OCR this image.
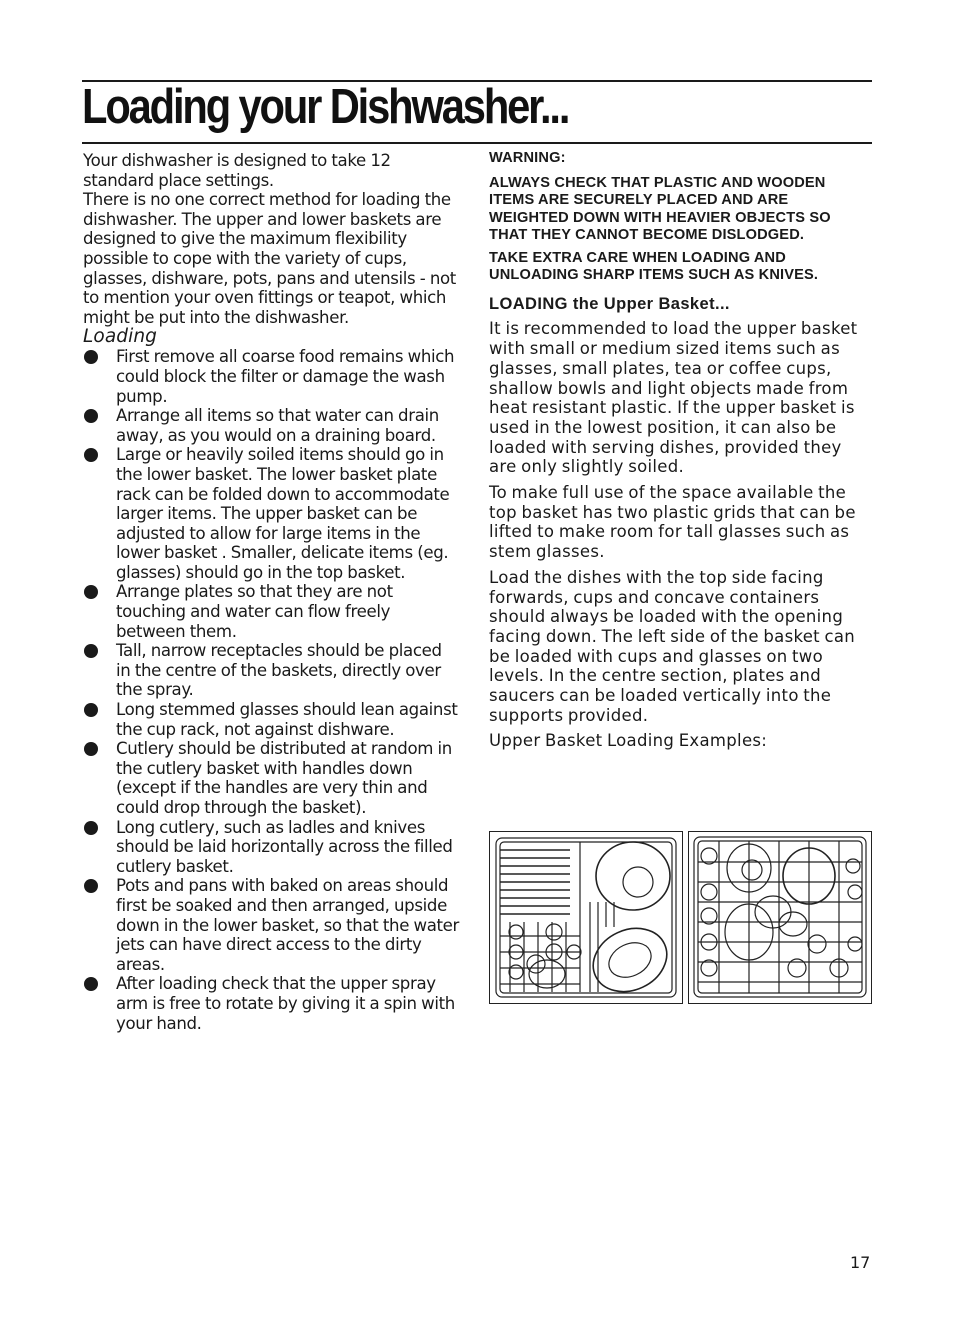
Loading your Dishwasher...

Your dishwasher is designed to take 12 standard place settings.

There is no one correct method for loading the dishwasher. The upper and lower baskets are designed to give the maximum flexibility possible to cope with the variety of cups, glasses, dishware, pots, pans and utensils - not to mention your oven fittings or teapot, which might be put into the dishwasher.

Loading

First remove all coarse food remains which could block the filter or damage the wash pump.
Arrange all items so that water can drain away, as you would on a draining board.
Large or heavily soiled items should go in the lower basket. The lower basket plate rack can be folded down to accommodate larger items. The upper basket can be adjusted to allow for large items in the lower basket . Smaller, delicate items (eg. glasses) should go in the top basket.
Arrange plates so that they are not touching and water can flow freely between them.
Tall, narrow receptacles should be placed in the centre of the baskets, directly over the spray.
Long stemmed glasses should lean against the cup rack, not against dishware.
Cutlery should be distributed at random in the cutlery basket with handles down (except if the handles are very thin and could drop through the basket).
Long cutlery, such as ladles and knives should be laid horizontally across the filled cutlery basket.
Pots and pans with baked on areas should first be soaked and then arranged, upside down in the lower basket, so that the water jets can have direct access to the dirty areas.
After loading check that the upper spray arm is free to rotate by giving it a spin with your hand.

WARNING:

ALWAYS CHECK THAT PLASTIC AND WOODEN ITEMS ARE SECURELY PLACED AND ARE WEIGHTED DOWN WITH HEAVIER OBJECTS SO THAT THEY CANNOT BECOME DISLODGED.

TAKE EXTRA CARE WHEN LOADING AND UNLOADING SHARP ITEMS SUCH AS KNIVES.

LOADING the Upper Basket...

It is recommended to load the upper basket with small or medium sized items such as glasses, small plates, tea or coffee cups, shallow bowls and light objects made from heat resistant plastic. If the upper basket is used in the lowest position, it can also be loaded with serving dishes, provided they are only slightly soiled.

To make full use of the space available the top basket has two plastic grids that can be lifted to make room for tall glasses such as stem glasses.

Load the dishes with the top side facing forwards, cups and concave containers should always be loaded with the opening facing down. The left side of the basket can be loaded with cups and glasses on two levels. In the centre section, plates and saucers can be loaded vertically into the supports provided.

Upper Basket Loading Examples:

17
